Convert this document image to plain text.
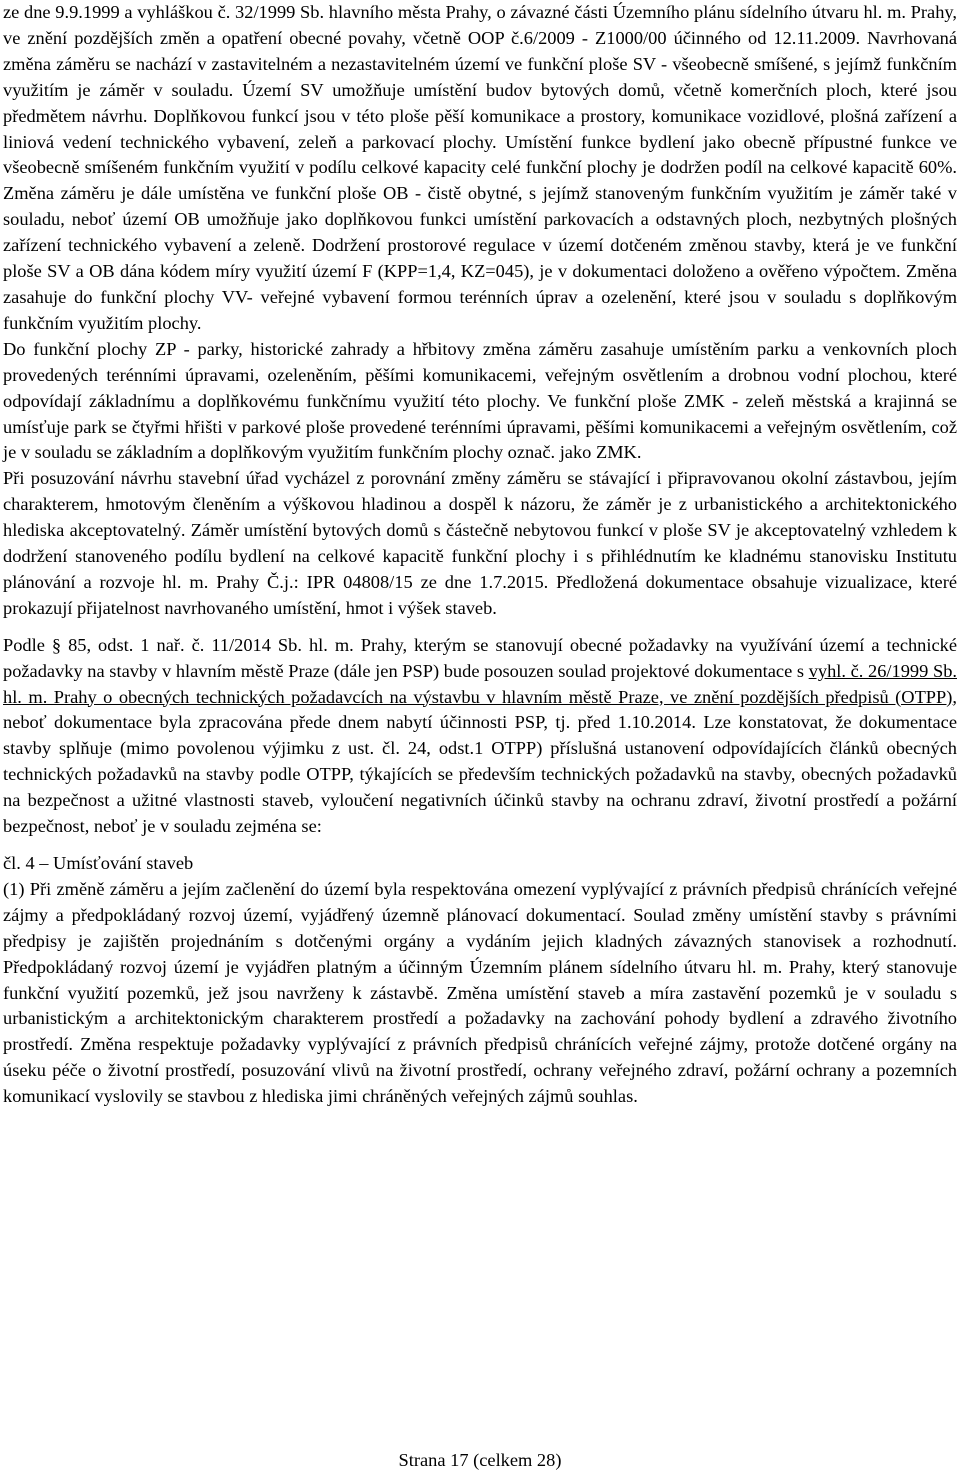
ze dne 9.9.1999 a vyhláškou č. 32/1999 Sb. hlavního města Prahy, o závazné části Územního plánu sídelního útvaru hl. m. Prahy, ve znění pozdějších změn a opatření obecné povahy, včetně OOP č.6/2009 - Z1000/00 účinného od 12.11.2009. Navrhovaná změna záměru se nachází v zastavitelném a nezastavitelném území ve funkční ploše SV - všeobecně smíšené, s jejímž funkčním využitím je záměr v souladu. Území SV umožňuje umístění budov bytových domů, včetně komerčních ploch, které jsou předmětem návrhu. Doplňkovou funkcí jsou v této ploše pěší komunikace a prostory, komunikace vozidlové, plošná zařízení a liniová vedení technického vybavení, zeleň a parkovací plochy. Umístění funkce bydlení jako obecně přípustné funkce ve všeobecně smíšeném funkčním využití v podílu celkové kapacity celé funkční plochy je dodržen podíl na celkové kapacitě 60%. Změna záměru je dále umístěna ve funkční ploše OB - čistě obytné, s jejímž stanoveným funkčním využitím je záměr také v souladu, neboť území OB umožňuje jako doplňkovou funkci umístění parkovacích a odstavných ploch, nezbytných plošných zařízení technického vybavení a zeleně. Dodržení prostorové regulace v území dotčeném změnou stavby, která je ve funkční ploše SV a OB dána kódem míry využití území F (KPP=1,4, KZ=045), je v dokumentaci doloženo a ověřeno výpočtem. Změna zasahuje do funkční plochy VV- veřejné vybavení formou terénních úprav a ozelenění, které jsou v souladu s doplňkovým funkčním využitím plochy.

Do funkční plochy ZP - parky, historické zahrady a hřbitovy změna záměru zasahuje umístěním parku a venkovních ploch provedených terénními úpravami, ozeleněním, pěšími komunikacemi, veřejným osvětlením a drobnou vodní plochou, které odpovídají základnímu a doplňkovému funkčnímu využití této plochy. Ve funkční ploše ZMK - zeleň městská a krajinná se umísťuje park se čtyřmi hřišti v parkové ploše provedené terénními úpravami, pěšími komunikacemi a veřejným osvětlením, což je v souladu se základním a doplňkovým využitím funkčním plochy označ. jako ZMK.

Při posuzování návrhu stavební úřad vycházel z porovnání změny záměru se stávající i připravovanou okolní zástavbou, jejím charakterem, hmotovým členěním a výškovou hladinou a dospěl k názoru, že záměr je z urbanistického a architektonického hlediska akceptovatelný. Záměr umístění bytových domů s částečně nebytovou funkcí v ploše SV je akceptovatelný vzhledem k dodržení stanoveného podílu bydlení na celkové kapacitě funkční plochy i s přihlédnutím ke kladnému stanovisku Institutu plánování a rozvoje hl. m. Prahy Č.j.: IPR 04808/15 ze dne 1.7.2015. Předložená dokumentace obsahuje vizualizace, které prokazují přijatelnost navrhovaného umístění, hmot i výšek staveb.

Podle § 85, odst. 1 nař. č. 11/2014 Sb. hl. m. Prahy, kterým se stanovují obecné požadavky na využívání území a technické požadavky na stavby v hlavním městě Praze (dále jen PSP) bude posouzen soulad projektové dokumentace s vyhl. č. 26/1999 Sb. hl. m. Prahy o obecných technických požadavcích na výstavbu v hlavním městě Praze, ve znění pozdějších předpisů (OTPP), neboť dokumentace byla zpracována přede dnem nabytí účinnosti PSP, tj. před 1.10.2014. Lze konstatovat, že dokumentace stavby splňuje (mimo povolenou výjimku z ust. čl. 24, odst.1 OTPP) příslušná ustanovení odpovídajících článků obecných technických požadavků na stavby podle OTPP, týkajících se především technických požadavků na stavby, obecných požadavků na bezpečnost a užitné vlastnosti staveb, vyloučení negativních účinků stavby na ochranu zdraví, životní prostředí a požární bezpečnost, neboť je v souladu zejména se:

čl. 4 – Umísťování staveb

(1) Při změně záměru a jejím začlenění do území byla respektována omezení vyplývající z právních předpisů chránících veřejné zájmy a předpokládaný rozvoj území, vyjádřený územně plánovací dokumentací. Soulad změny umístění stavby s právními předpisy je zajištěn projednáním s dotčenými orgány a vydáním jejich kladných závazných stanovisek a rozhodnutí. Předpokládaný rozvoj území je vyjádřen platným a účinným Územním plánem sídelního útvaru hl. m. Prahy, který stanovuje funkční využití pozemků, jež jsou navrženy k zástavbě. Změna umístění staveb a míra zastavění pozemků je v souladu s urbanistickým a architektonickým charakterem prostředí a požadavky na zachování pohody bydlení a zdravého životního prostředí. Změna respektuje požadavky vyplývající z právních předpisů chránících veřejné zájmy, protože dotčené orgány na úseku péče o životní prostředí, posuzování vlivů na životní prostředí, ochrany veřejného zdraví, požární ochrany a pozemních komunikací vyslovily se stavbou z hlediska jimi chráněných veřejných zájmů souhlas.

Strana 17 (celkem 28)
